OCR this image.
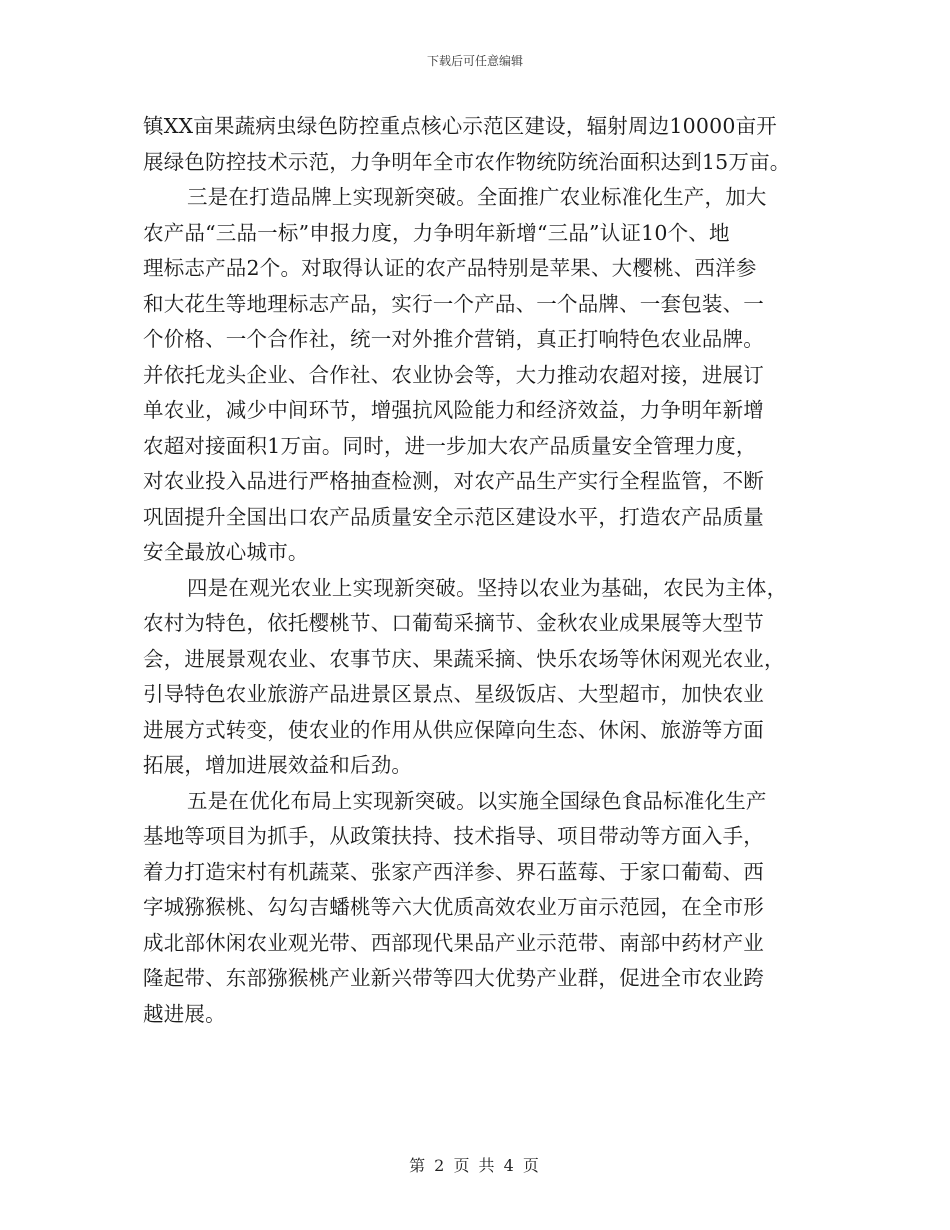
下载后可任意编辑
镇XX亩果蔬病虫绿色防控重点核心示范区建设，辐射周边10000亩开
展绿色防控技术示范，力争明年全市农作物统防统治面积达到15万亩。
三是在打造品牌上实现新突破。全面推广农业标准化生产，加大
农产品“三品一标”申报力度，力争明年新增“三品”认证10个、地
理标志产品2个。对取得认证的农产品特别是苹果、大樱桃、西洋参
和大花生等地理标志产品，实行一个产品、一个品牌、一套包装、一
个价格、一个合作社，统一对外推介营销，真正打响特色农业品牌。
并依托龙头企业、合作社、农业协会等，大力推动农超对接，进展订
单农业，减少中间环节，增强抗风险能力和经济效益，力争明年新增
农超对接面积1万亩。同时，进一步加大农产品质量安全管理力度，
对农业投入品进行严格抽查检测，对农产品生产实行全程监管，不断
巩固提升全国出口农产品质量安全示范区建设水平，打造农产品质量
安全最放心城市。
四是在观光农业上实现新突破。坚持以农业为基础，农民为主体，
农村为特色，依托樱桃节、口葡萄采摘节、金秋农业成果展等大型节
会，进展景观农业、农事节庆、果蔬采摘、快乐农场等休闲观光农业，
引导特色农业旅游产品进景区景点、星级饭店、大型超市，加快农业
进展方式转变，使农业的作用从供应保障向生态、休闲、旅游等方面
拓展，增加进展效益和后劲。
五是在优化布局上实现新突破。以实施全国绿色食品标准化生产
基地等项目为抓手，从政策扶持、技术指导、项目带动等方面入手，
着力打造宋村有机蔬菜、张家产西洋参、界石蓝莓、于家口葡萄、西
字城猕猴桃、勾勾吉蟠桃等六大优质高效农业万亩示范园，在全市形
成北部休闲农业观光带、西部现代果品产业示范带、南部中药材产业
隆起带、东部猕猴桃产业新兴带等四大优势产业群，促进全市农业跨
越进展。
第 2 页 共 4 页
